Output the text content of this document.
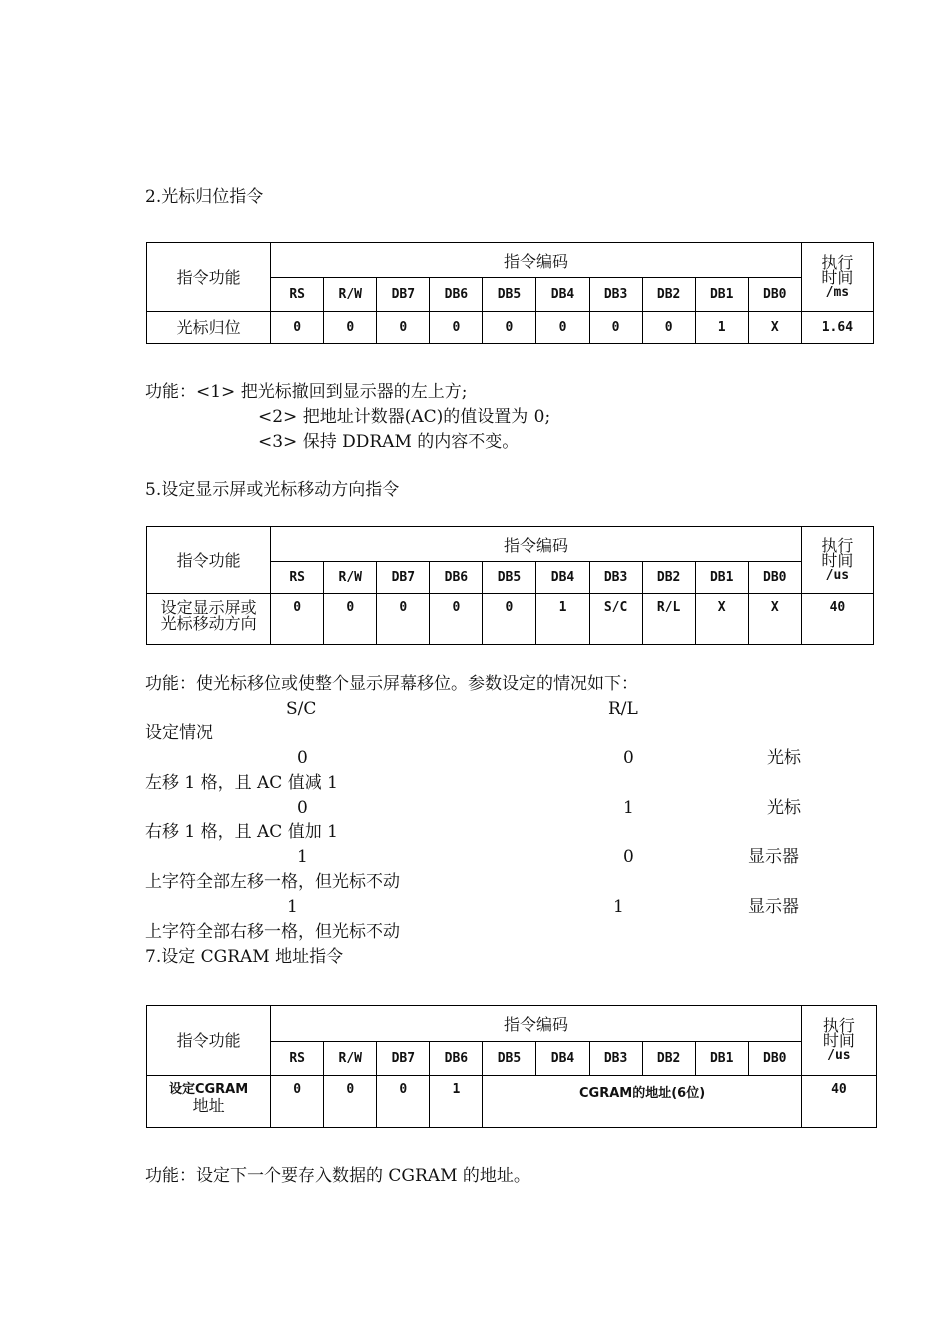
2.光标归位指令
指令功能	指令编码										执行
时间
/ms

	RS	R/W	DB7	DB6	DB5	DB4	DB3	DB2	DB1	DB0	
光标归位	0	0	0	0	0	0	0	0	1	X	1.64
功能：<1> 把光标撤回到显示器的左上方;
<2> 把地址计数器(AC)的值设置为 0;
<3> 保持 DDRAM 的内容不变。
5.设定显示屏或光标移动方向指令
指令功能	指令编码										执行
时间
/us

	RS	R/W	DB7	DB6	DB5	DB4	DB3	DB2	DB1	DB0	

设定显示屏或
光标移动方向	0	0	0	0	0	1	S/C	R/L	X	X	40
功能：使光标移位或使整个显示屏幕移位。参数设定的情况如下：
S/C	R/L
设定情况
0	0	光标
左移 1 格，且 AC 值减 1
0	1	光标
右移 1 格，且 AC 值加 1
1	0	显示器
上字符全部左移一格，但光标不动
1	1	显示器
上字符全部右移一格，但光标不动
7.设定 CGRAM 地址指令
指令功能	指令编码										执行
时间
/us

	RS	R/W	DB7	DB6	DB5	DB4	DB3	DB2	DB1	DB0	

设定CGRAM
地址	0	0	0	1	CGRAM的地址(6位)						40
功能：设定下一个要存入数据的 CGRAM 的地址。
